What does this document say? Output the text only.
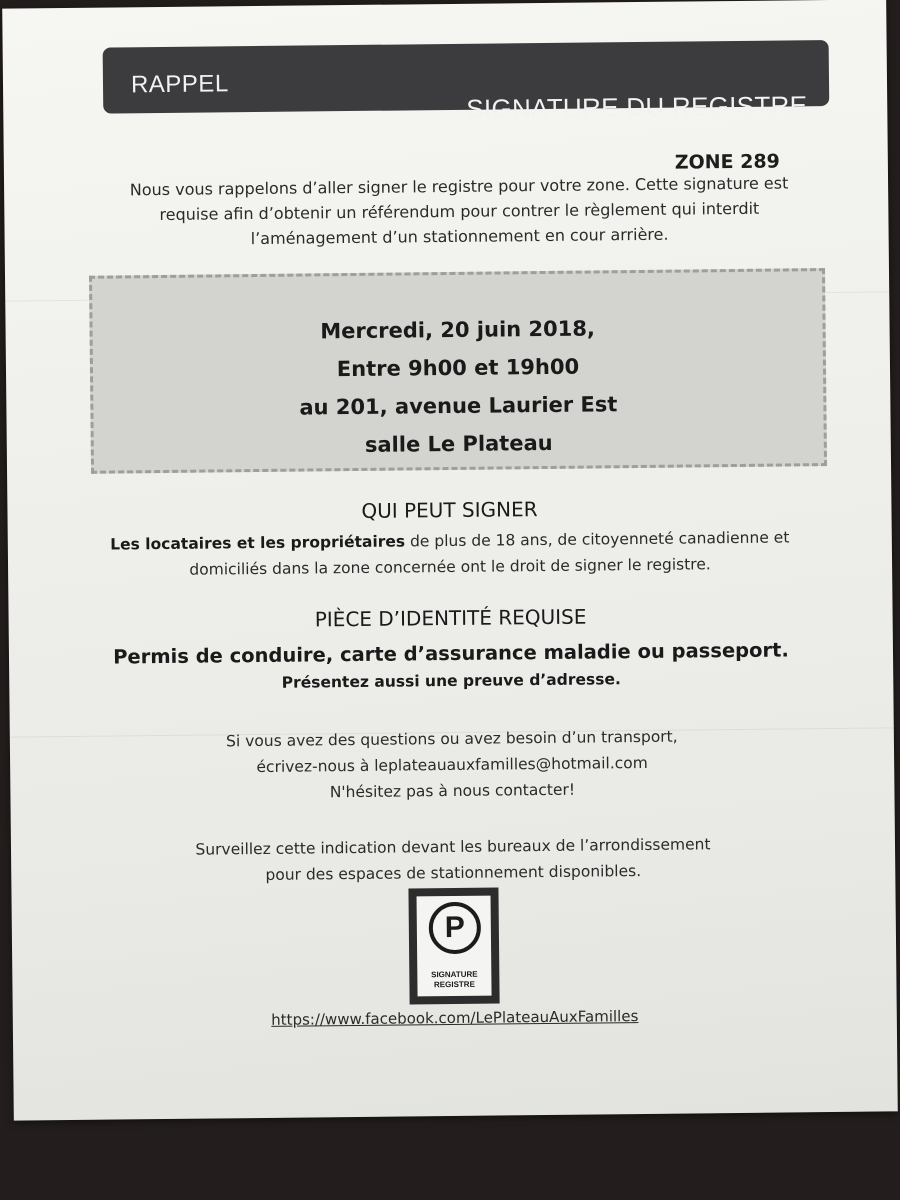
RAPPEL
SIGNATURE DU REGISTRE
ZONE 289
Nous vous rappelons d’aller signer le registre pour votre zone. Cette signature est
requise afin d’obtenir un référendum pour contrer le règlement qui interdit
l’aménagement d’un stationnement en cour arrière.
Mercredi, 20 juin 2018,
Entre 9h00 et 19h00
au 201, avenue Laurier Est
salle Le Plateau
QUI PEUT SIGNER
Les locataires et les propriétaires de plus de 18 ans, de citoyenneté canadienne et
domiciliés dans la zone concernée ont le droit de signer le registre.
PIÈCE D’IDENTITÉ REQUISE
Permis de conduire, carte d’assurance maladie ou passeport.
Présentez aussi une preuve d’adresse.
Si vous avez des questions ou avez besoin d’un transport,
écrivez-nous à leplateauauxfamilles@hotmail.com
N'hésitez pas à nous contacter!
Surveillez cette indication devant les bureaux de l’arrondissement
pour des espaces de stationnement disponibles.
P
SIGNATURE
REGISTRE
https://www.facebook.com/LePlateauAuxFamilles
